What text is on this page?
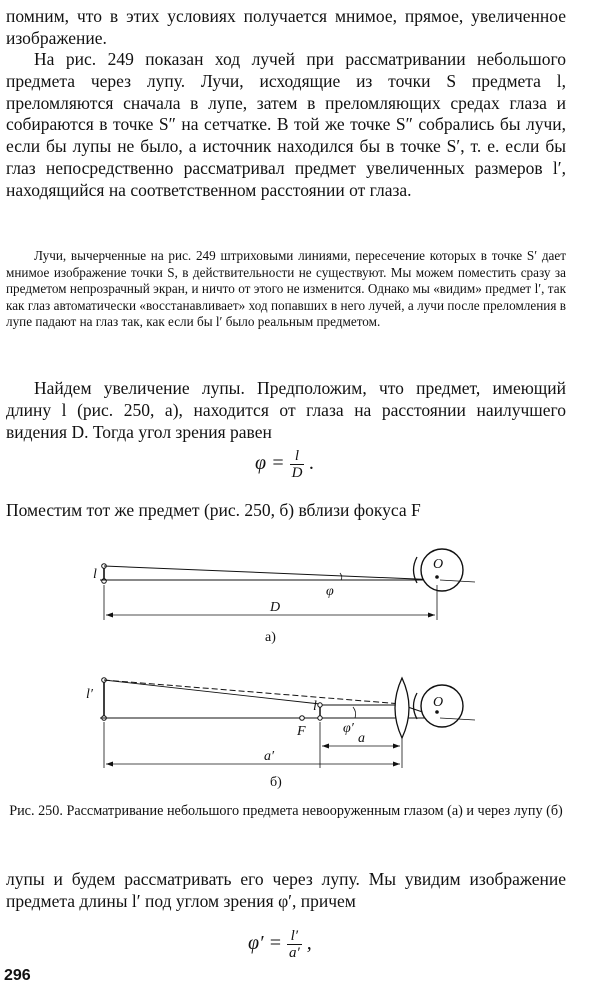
помним, что в этих условиях получается мнимое, прямое, увеличенное изображение.
На рис. 249 показан ход лучей при рассматривании небольшого предмета через лупу. Лучи, исходящие из точки S предмета l, преломляются сначала в лупе, затем в преломляющих средах глаза и собираются в точке S″ на сетчатке. В той же точке S″ собрались бы лучи, если бы лупы не было, а источник находился бы в точке S′, т. е. если бы глаз непосредственно рассматривал предмет увеличенных размеров l′, находящийся на соответственном расстоянии от глаза.
Лучи, вычерченные на рис. 249 штриховыми линиями, пересечение которых в точке S′ дает мнимое изображение точки S, в действительности не существуют. Мы можем поместить сразу за предметом непрозрачный экран, и ничто от этого не изменится. Однако мы «видим» предмет l′, так как глаз автоматически «восстанавливает» ход попавших в него лучей, а лучи после преломления в лупе падают на глаз так, как если бы l′ было реальным предметом.
Найдем увеличение лупы. Предположим, что предмет, имеющий длину l (рис. 250, а), находится от глаза на расстоянии наилучшего видения D. Тогда угол зрения равен
$\varphi = \frac{l}{D}$ .
Поместим тот же предмет (рис. 250, б) вблизи фокуса F
l
O
φ
D
а)
l′
l
F
O
φ′
a
a′
б)
Рис. 250. Рассматривание небольшого предмета невооруженным глазом (а) и через лупу (б)
лупы и будем рассматривать его через лупу. Мы увидим изображение предмета длины l′ под углом зрения φ′, причем
$\varphi' = \frac{l'}{a'}$ ,
296
